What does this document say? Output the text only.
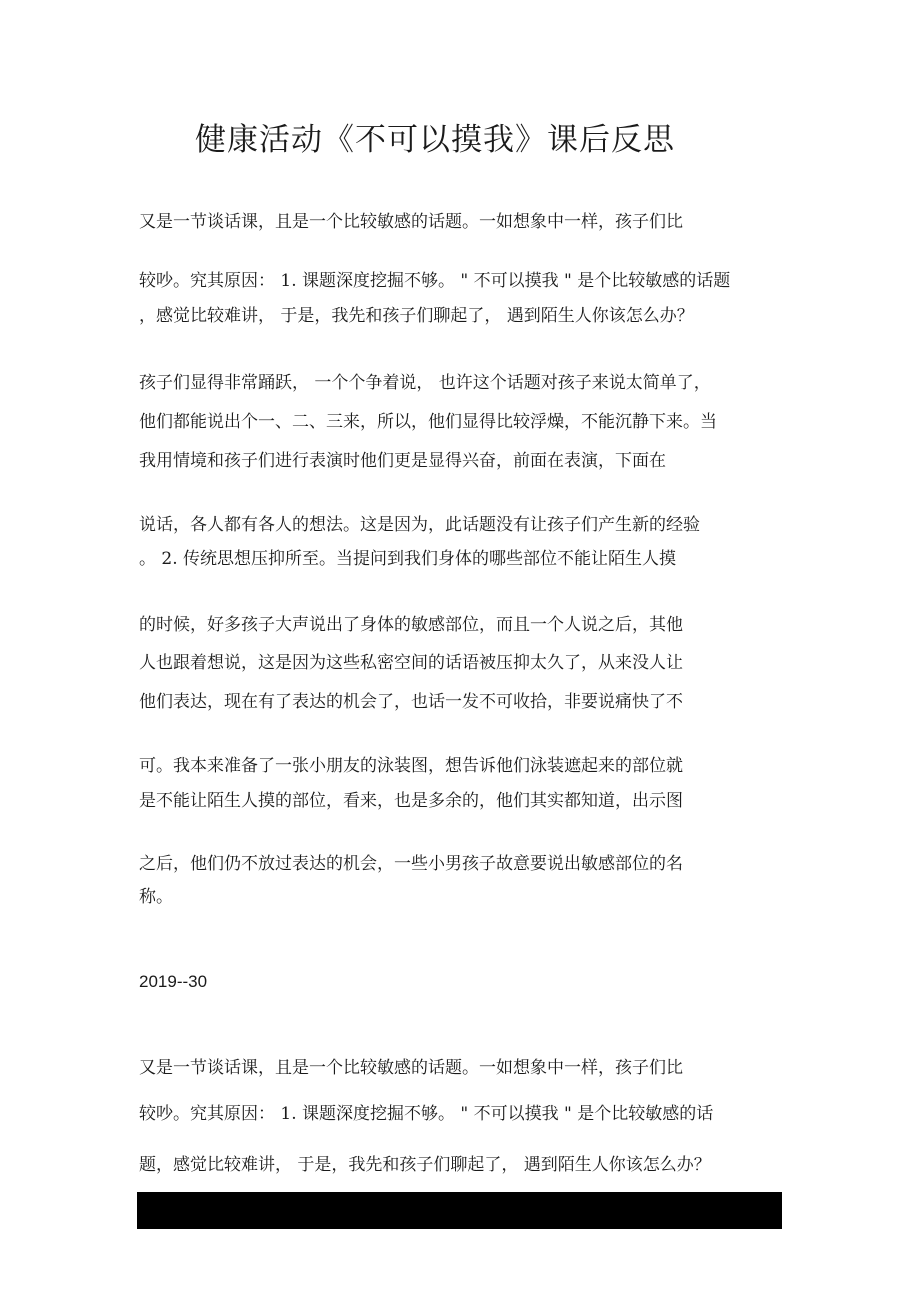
健康活动《不可以摸我》课后反思

又是一节谈话课，且是一个比较敏感的话题。一如想象中一样，孩子们比

较吵。究其原因： 1. 课题深度挖掘不够。 " 不可以摸我 " 是个比较敏感的话题

，感觉比较难讲， 于是，我先和孩子们聊起了， 遇到陌生人你该怎么办？

孩子们显得非常踊跃， 一个个争着说， 也许这个话题对孩子来说太简单了，

他们都能说出个一、二、三来，所以，他们显得比较浮燥，不能沉静下来。当

我用情境和孩子们进行表演时他们更是显得兴奋，前面在表演，下面在

说话，各人都有各人的想法。这是因为，此话题没有让孩子们产生新的经验

。 2. 传统思想压抑所至。当提问到我们身体的哪些部位不能让陌生人摸

的时候，好多孩子大声说出了身体的敏感部位，而且一个人说之后，其他

人也跟着想说，这是因为这些私密空间的话语被压抑太久了，从来没人让

他们表达，现在有了表达的机会了，也话一发不可收拾，非要说痛快了不

可。我本来准备了一张小朋友的泳装图，想告诉他们泳装遮起来的部位就

是不能让陌生人摸的部位，看来，也是多余的，他们其实都知道，出示图

之后，他们仍不放过表达的机会，一些小男孩子故意要说出敏感部位的名

称。

2019--30

又是一节谈话课，且是一个比较敏感的话题。一如想象中一样，孩子们比

较吵。究其原因： 1. 课题深度挖掘不够。 " 不可以摸我 " 是个比较敏感的话

题，感觉比较难讲， 于是，我先和孩子们聊起了， 遇到陌生人你该怎么办？
